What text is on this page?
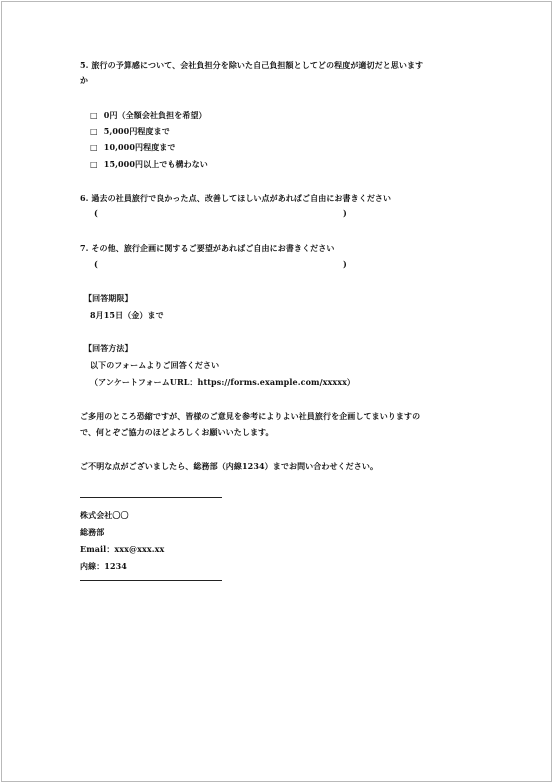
5. 旅行の予算感について、会社負担分を除いた自己負担額としてどの程度が適切だと思います
か
□ 0円（全額会社負担を希望）
□ 5,000円程度まで
□ 10,000円程度まで
□ 15,000円以上でも構わない
6. 過去の社員旅行で良かった点、改善してほしい点があればご自由にお書きください
(	)
7. その他、旅行企画に関するご要望があればご自由にお書きください
(	)
【回答期限】
8月15日（金）まで
【回答方法】
以下のフォームよりご回答ください
（アンケートフォームURL：https://forms.example.com/xxxxx）
ご多用のところ恐縮ですが、皆様のご意見を参考によりよい社員旅行を企画してまいりますの
で、何とぞご協力のほどよろしくお願いいたします。
ご不明な点がございましたら、総務部（内線1234）までお問い合わせください。
株式会社〇〇
総務部
Email：xxx@xxx.xx
内線：1234
